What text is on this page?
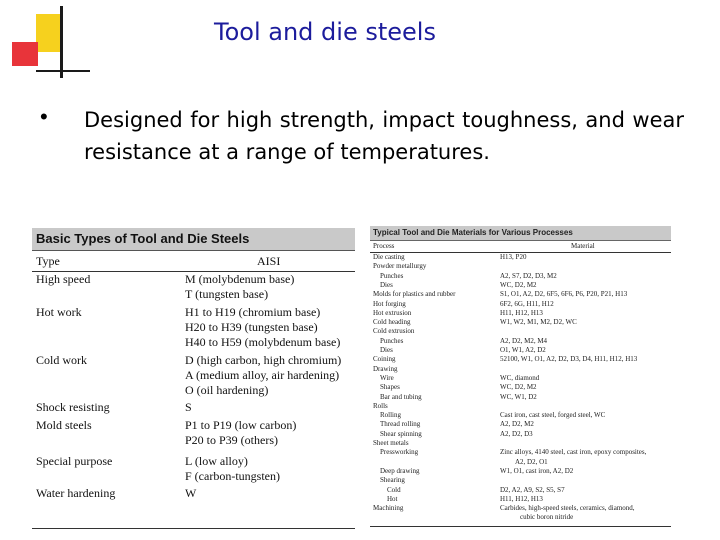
Tool and die steels
• Designed for high strength, impact toughness, and wear resistance at a range of temperatures.
Basic Types of Tool and Die Steels
Type	AISI
High speed	M (molybdenum base)
T (tungsten base)
Hot work	H1 to H19 (chromium base)
H20 to H39 (tungsten base)
H40 to H59 (molybdenum base)
Cold work	D (high carbon, high chromium)
A (medium alloy, air hardening)
O (oil hardening)
Shock resisting	S
Mold steels	P1 to P19 (low carbon)
P20 to P39 (others)
Special purpose	L (low alloy)
F (carbon-tungsten)
Water hardening	W
Typical Tool and Die Materials for Various Processes
Process	Material
Die casting	H13, P20
Powder metallurgy
Punches	A2, S7, D2, D3, M2
Dies	WC, D2, M2
Molds for plastics and rubber	S1, O1, A2, D2, 6F5, 6F6, P6, P20, P21, H13
Hot forging	6F2, 6G, H11, H12
Hot extrusion	H11, H12, H13
Cold heading	W1, W2, M1, M2, D2, WC
Cold extrusion
Punches	A2, D2, M2, M4
Dies	O1, W1, A2, D2
Coining	52100, W1, O1, A2, D2, D3, D4, H11, H12, H13
Drawing
Wire	WC, diamond
Shapes	WC, D2, M2
Bar and tubing	WC, W1, D2
Rolls
Rolling	Cast iron, cast steel, forged steel, WC
Thread rolling	A2, D2, M2
Shear spinning	A2, D2, D3
Sheet metals
Pressworking	Zinc alloys, 4140 steel, cast iron, epoxy composites,
A2, D2, O1
Deep drawing	W1, O1, cast iron, A2, D2
Shearing
Cold	D2, A2, A9, S2, S5, S7
Hot	H11, H12, H13
Machining	Carbides, high-speed steels, ceramics, diamond,
cubic boron nitride
